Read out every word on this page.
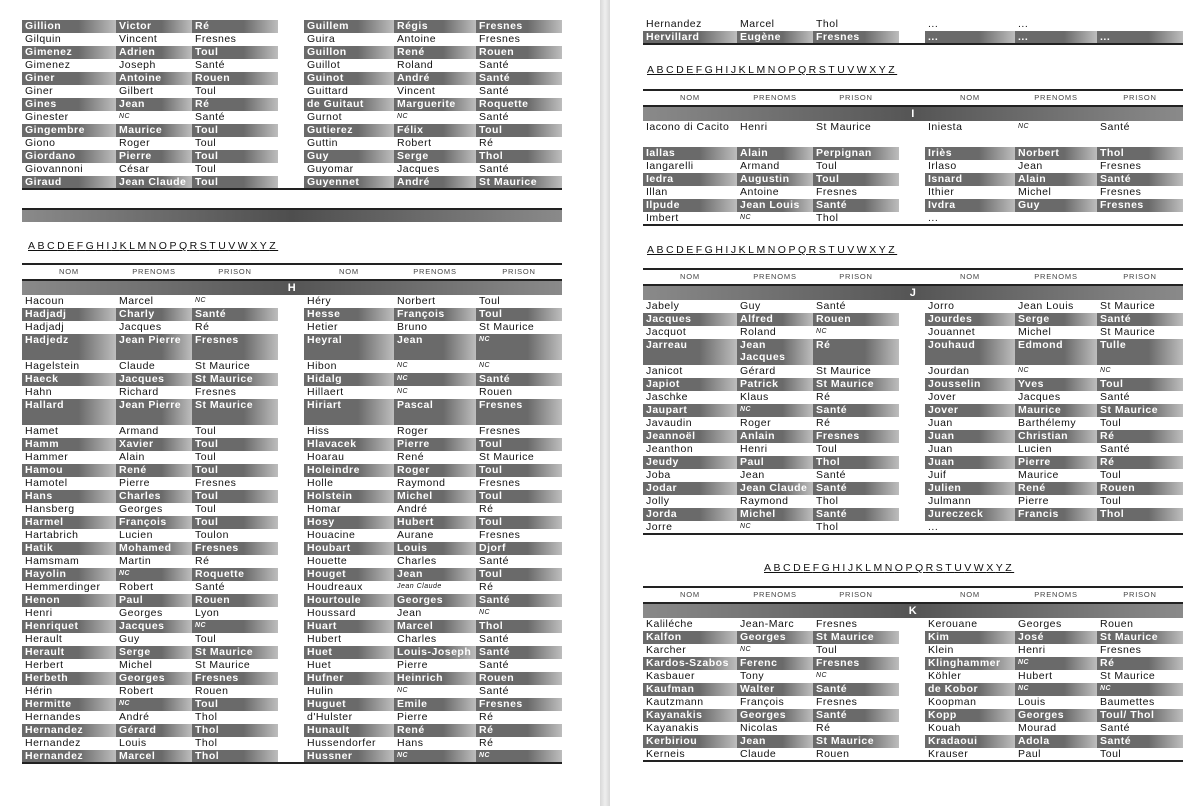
Gillion	Victor	Ré		Guillem	Régis	Fresnes
Gilquin	Vincent	Fresnes		Guira	Antoine	Fresnes
Gimenez	Adrien	Toul		Guillon	René	Rouen
Gimenez	Joseph	Santé		Guillot	Roland	Santé
Giner	Antoine	Rouen		Guinot	André	Santé
Giner	Gilbert	Toul		Guittard	Vincent	Santé
Gines	Jean	Ré		de Guitaut	Marguerite	Roquette
Ginester	NC	Santé		Gurnot	NC	Santé
Gingembre	Maurice	Toul		Gutierez	Félix	Toul
Giono	Roger	Toul		Guttin	Robert	Ré
Giordano	Pierre	Toul		Guy	Serge	Thol
Giovannoni	César	Toul		Guyomar	Jacques	Santé
Giraud	Jean Claude	Toul		Guyennet	André	St Maurice
ABCDEFGHIJKLMNOPQRSTUVWXYZ
NOM	PRENOMS	PRISON		NOM	PRENOMS	PRISON
H						
Hacoun	Marcel	NC		Héry	Norbert	Toul
Hadjadj	Charly	Santé		Hesse	François	Toul
Hadjadj	Jacques	Ré		Hetier	Bruno	St Maurice
Hadjedz	Jean Pierre	Fresnes		Heyral	Jean	NC
Hagelstein	Claude	St Maurice		Hibon	NC	NC
Haeck	Jacques	St Maurice		Hidalg	NC	Santé
Hahn	Richard	Fresnes		Hillaert	NC	Rouen
Hallard	Jean Pierre	St Maurice		Hiriart	Pascal	Fresnes
Hamet	Armand	Toul		Hiss	Roger	Fresnes
Hamm	Xavier	Toul		Hlavacek	Pierre	Toul
Hammer	Alain	Toul		Hoarau	René	St Maurice
Hamou	René	Toul		Holeindre	Roger	Toul
Hamotel	Pierre	Fresnes		Holle	Raymond	Fresnes
Hans	Charles	Toul		Holstein	Michel	Toul
Hansberg	Georges	Toul		Homar	André	Ré
Harmel	François	Toul		Hosy	Hubert	Toul
Hartabrich	Lucien	Toulon		Houacine	Aurane	Fresnes
Hatik	Mohamed	Fresnes		Houbart	Louis	Djorf
Hamsmam	Martin	Ré		Houette	Charles	Santé
Hayolin	NC	Roquette		Houget	Jean	Toul
Hemmerdinger	Robert	Santé		Houdreaux	Jean Claude	Ré
Henon	Paul	Rouen		Hourtoule	Georges	Santé
Henri	Georges	Lyon		Houssard	Jean	NC
Henriquet	Jacques	NC		Huart	Marcel	Thol
Herault	Guy	Toul		Hubert	Charles	Santé
Herault	Serge	St Maurice		Huet	Louis-Joseph	Santé
Herbert	Michel	St Maurice		Huet	Pierre	Santé
Herbeth	Georges	Fresnes		Hufner	Heinrich	Rouen
Hérin	Robert	Rouen		Hulin	NC	Santé
Hermitte	NC	Toul		Huguet	Emile	Fresnes
Hernandes	André	Thol		d'Hulster	Pierre	Ré
Hernandez	Gérard	Thol		Hunault	René	Ré
Hernandez	Louis	Thol		Hussendorfer	Hans	Ré
Hernandez	Marcel	Thol		Hussner	NC	NC
Hernandez	Marcel	Thol		...	...	
Hervillard	Eugène	Fresnes		...	...	...
ABCDEFGHIJKLMNOPQRSTUVWXYZ
NOM	PRENOMS	PRISON		NOM	PRENOMS	PRISON
I						
Iacono di Cacito	Henri	St Maurice		Iniesta	NC	Santé
Iallas	Alain	Perpignan		Iriès	Norbert	Thol
Iangarelli	Armand	Toul		Irlaso	Jean	Fresnes
Iedra	Augustin	Toul		Isnard	Alain	Santé
Illan	Antoine	Fresnes		Ithier	Michel	Fresnes
Ilpude	Jean Louis	Santé		Ivdra	Guy	Fresnes
Imbert	NC	Thol		...		
ABCDEFGHIJKLMNOPQRSTUVWXYZ
NOM	PRENOMS	PRISON		NOM	PRENOMS	PRISON
J						
Jabely	Guy	Santé		Jorro	Jean Louis	St Maurice
Jacques	Alfred	Rouen		Jourdes	Serge	Santé
Jacquot	Roland	NC		Jouannet	Michel	St Maurice
Jarreau	Jean Jacques	Ré		Jouhaud	Edmond	Tulle
Janicot	Gérard	St Maurice		Jourdan	NC	NC
Japiot	Patrick	St Maurice		Jousselin	Yves	Toul
Jaschke	Klaus	Ré		Jover	Jacques	Santé
Jaupart	NC	Santé		Jover	Maurice	St Maurice
Javaudin	Roger	Ré		Juan	Barthélemy	Toul
Jeannoël	Anlain	Fresnes		Juan	Christian	Ré
Jeanthon	Henri	Toul		Juan	Lucien	Santé
Jeudy	Paul	Thol		Juan	Pierre	Ré
Joba	Jean	Santé		Juif	Maurice	Toul
Jodar	Jean Claude	Santé		Julien	René	Rouen
Jolly	Raymond	Thol		Julmann	Pierre	Toul
Jorda	Michel	Santé		Jureczeck	Francis	Thol
Jorre	NC	Thol		...		
ABCDEFGHIJKLMNOPQRSTUVWXYZ
NOM	PRENOMS	PRISON		NOM	PRENOMS	PRISON
K						
Kaliléche	Jean-Marc	Fresnes		Kerouane	Georges	Rouen
Kalfon	Georges	St Maurice		Kim	José	St Maurice
Karcher	NC	Toul		Klein	Henri	Fresnes
Kardos-Szabos	Ferenc	Fresnes		Klinghammer	NC	Ré
Kasbauer	Tony	NC		Köhler	Hubert	St Maurice
Kaufman	Walter	Santé		de Kobor	NC	NC
Kautzmann	François	Fresnes		Koopman	Louis	Baumettes
Kayanakis	Georges	Santé		Kopp	Georges	Toul/ Thol
Kayanakis	Nicolas	Ré		Kouah	Mourad	Santé
Kerbiriou	Jean	St Maurice		Kradaoui	Adola	Santé
Kerneis	Claude	Rouen		Krauser	Paul	Toul
